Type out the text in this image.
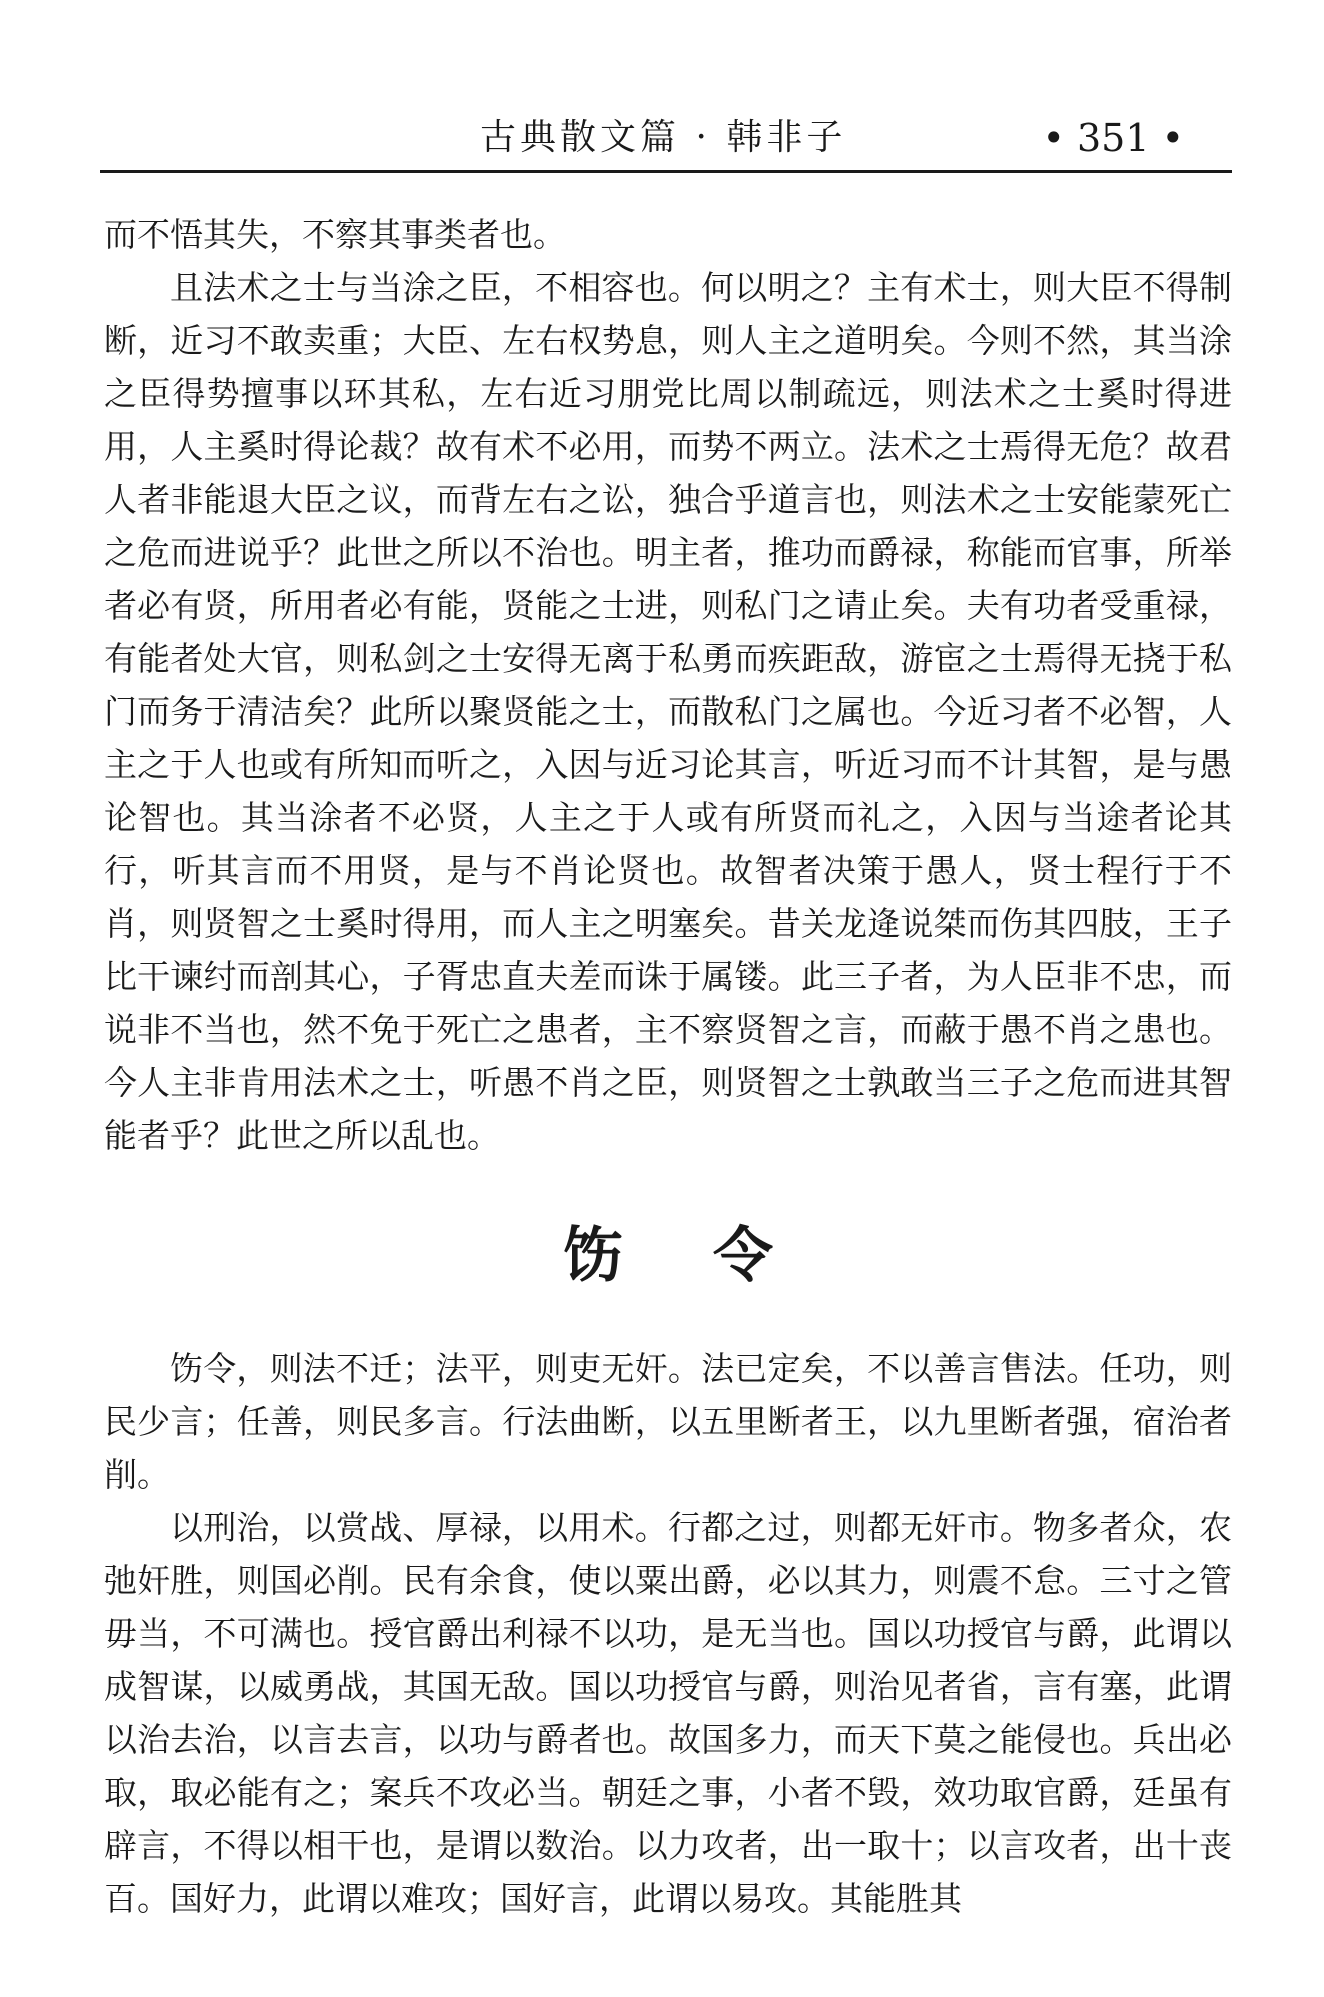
古典散文篇 · 韩非子	• 351 •

而不悟其失，不察其事类者也。

且法术之士与当涂之臣，不相容也。何以明之？主有术士，则大臣不得制断，近习不敢卖重；大臣、左右权势息，则人主之道明矣。今则不然，其当涂之臣得势擅事以环其私，左右近习朋党比周以制疏远，则法术之士奚时得进用，人主奚时得论裁？故有术不必用，而势不两立。法术之士焉得无危？故君人者非能退大臣之议，而背左右之讼，独合乎道言也，则法术之士安能蒙死亡之危而进说乎？此世之所以不治也。明主者，推功而爵禄，称能而官事，所举者必有贤，所用者必有能，贤能之士进，则私门之请止矣。夫有功者受重禄，有能者处大官，则私剑之士安得无离于私勇而疾距敌，游宦之士焉得无挠于私门而务于清洁矣？此所以聚贤能之士，而散私门之属也。今近习者不必智，人主之于人也或有所知而听之，入因与近习论其言，听近习而不计其智，是与愚论智也。其当涂者不必贤，人主之于人或有所贤而礼之，入因与当途者论其行，听其言而不用贤，是与不肖论贤也。故智者决策于愚人，贤士程行于不肖，则贤智之士奚时得用，而人主之明塞矣。昔关龙逄说桀而伤其四肢，王子比干谏纣而剖其心，子胥忠直夫差而诛于属镂。此三子者，为人臣非不忠，而说非不当也，然不免于死亡之患者，主不察贤智之言，而蔽于愚不肖之患也。今人主非肯用法术之士，听愚不肖之臣，则贤智之士孰敢当三子之危而进其智能者乎？此世之所以乱也。

饬令

饬令，则法不迁；法平，则吏无奸。法已定矣，不以善言售法。任功，则民少言；任善，则民多言。行法曲断，以五里断者王，以九里断者强，宿治者削。

以刑治，以赏战、厚禄，以用术。行都之过，则都无奸市。物多者众，农弛奸胜，则国必削。民有余食，使以粟出爵，必以其力，则震不怠。三寸之管毋当，不可满也。授官爵出利禄不以功，是无当也。国以功授官与爵，此谓以成智谋，以威勇战，其国无敌。国以功授官与爵，则治见者省，言有塞，此谓以治去治，以言去言，以功与爵者也。故国多力，而天下莫之能侵也。兵出必取，取必能有之；案兵不攻必当。朝廷之事，小者不毁，效功取官爵，廷虽有辟言，不得以相干也，是谓以数治。以力攻者，出一取十；以言攻者，出十丧百。国好力，此谓以难攻；国好言，此谓以易攻。其能胜其
